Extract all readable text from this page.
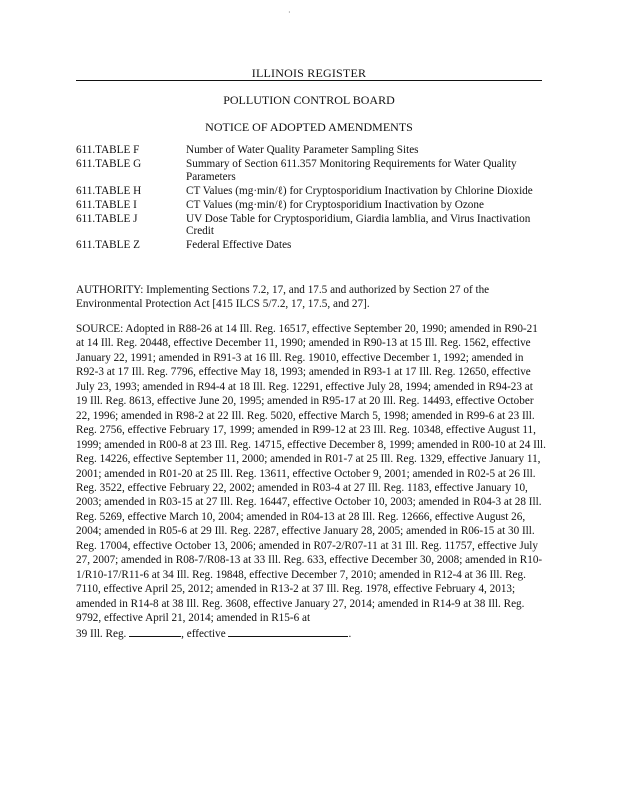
·
ILLINOIS REGISTER
POLLUTION CONTROL BOARD
NOTICE OF ADOPTED AMENDMENTS
611.TABLE F	Number of Water Quality Parameter Sampling Sites
611.TABLE G	Summary of Section 611.357 Monitoring Requirements for Water Quality Parameters
611.TABLE H	CT Values (mg·min/ℓ) for Cryptosporidium Inactivation by Chlorine Dioxide
611.TABLE I	CT Values (mg·min/ℓ) for Cryptosporidium Inactivation by Ozone
611.TABLE J	UV Dose Table for Cryptosporidium, Giardia lamblia, and Virus Inactivation Credit
611.TABLE Z	Federal Effective Dates
AUTHORITY: Implementing Sections 7.2, 17, and 17.5 and authorized by Section 27 of the Environmental Protection Act [415 ILCS 5/7.2, 17, 17.5, and 27].
SOURCE: Adopted in R88-26 at 14 Ill. Reg. 16517, effective September 20, 1990; amended in R90-21 at 14 Ill. Reg. 20448, effective December 11, 1990; amended in R90-13 at 15 Ill. Reg. 1562, effective January 22, 1991; amended in R91-3 at 16 Ill. Reg. 19010, effective December 1, 1992; amended in R92-3 at 17 Ill. Reg. 7796, effective May 18, 1993; amended in R93-1 at 17 Ill. Reg. 12650, effective July 23, 1993; amended in R94-4 at 18 Ill. Reg. 12291, effective July 28, 1994; amended in R94-23 at 19 Ill. Reg. 8613, effective June 20, 1995; amended in R95-17 at 20 Ill. Reg. 14493, effective October 22, 1996; amended in R98-2 at 22 Ill. Reg. 5020, effective March 5, 1998; amended in R99-6 at 23 Ill. Reg. 2756, effective February 17, 1999; amended in R99-12 at 23 Ill. Reg. 10348, effective August 11, 1999; amended in R00-8 at 23 Ill. Reg. 14715, effective December 8, 1999; amended in R00-10 at 24 Ill. Reg. 14226, effective September 11, 2000; amended in R01-7 at 25 Ill. Reg. 1329, effective January 11, 2001; amended in R01-20 at 25 Ill. Reg. 13611, effective October 9, 2001; amended in R02-5 at 26 Ill. Reg. 3522, effective February 22, 2002; amended in R03-4 at 27 Ill. Reg. 1183, effective January 10, 2003; amended in R03-15 at 27 Ill. Reg. 16447, effective October 10, 2003; amended in R04-3 at 28 Ill. Reg. 5269, effective March 10, 2004; amended in R04-13 at 28 Ill. Reg. 12666, effective August 26, 2004; amended in R05-6 at 29 Ill. Reg. 2287, effective January 28, 2005; amended in R06-15 at 30 Ill. Reg. 17004, effective October 13, 2006; amended in R07-2/R07-11 at 31 Ill. Reg. 11757, effective July 27, 2007; amended in R08-7/R08-13 at 33 Ill. Reg. 633, effective December 30, 2008; amended in R10-1/R10-17/R11-6 at 34 Ill. Reg. 19848, effective December 7, 2010; amended in R12-4 at 36 Ill. Reg. 7110, effective April 25, 2012; amended in R13-2 at 37 Ill. Reg. 1978, effective February 4, 2013; amended in R14-8 at 38 Ill. Reg. 3608, effective January 27, 2014; amended in R14-9 at 38 Ill. Reg. 9792, effective April 21, 2014; amended in R15-6 at
39 Ill. Reg.	, effective	.
